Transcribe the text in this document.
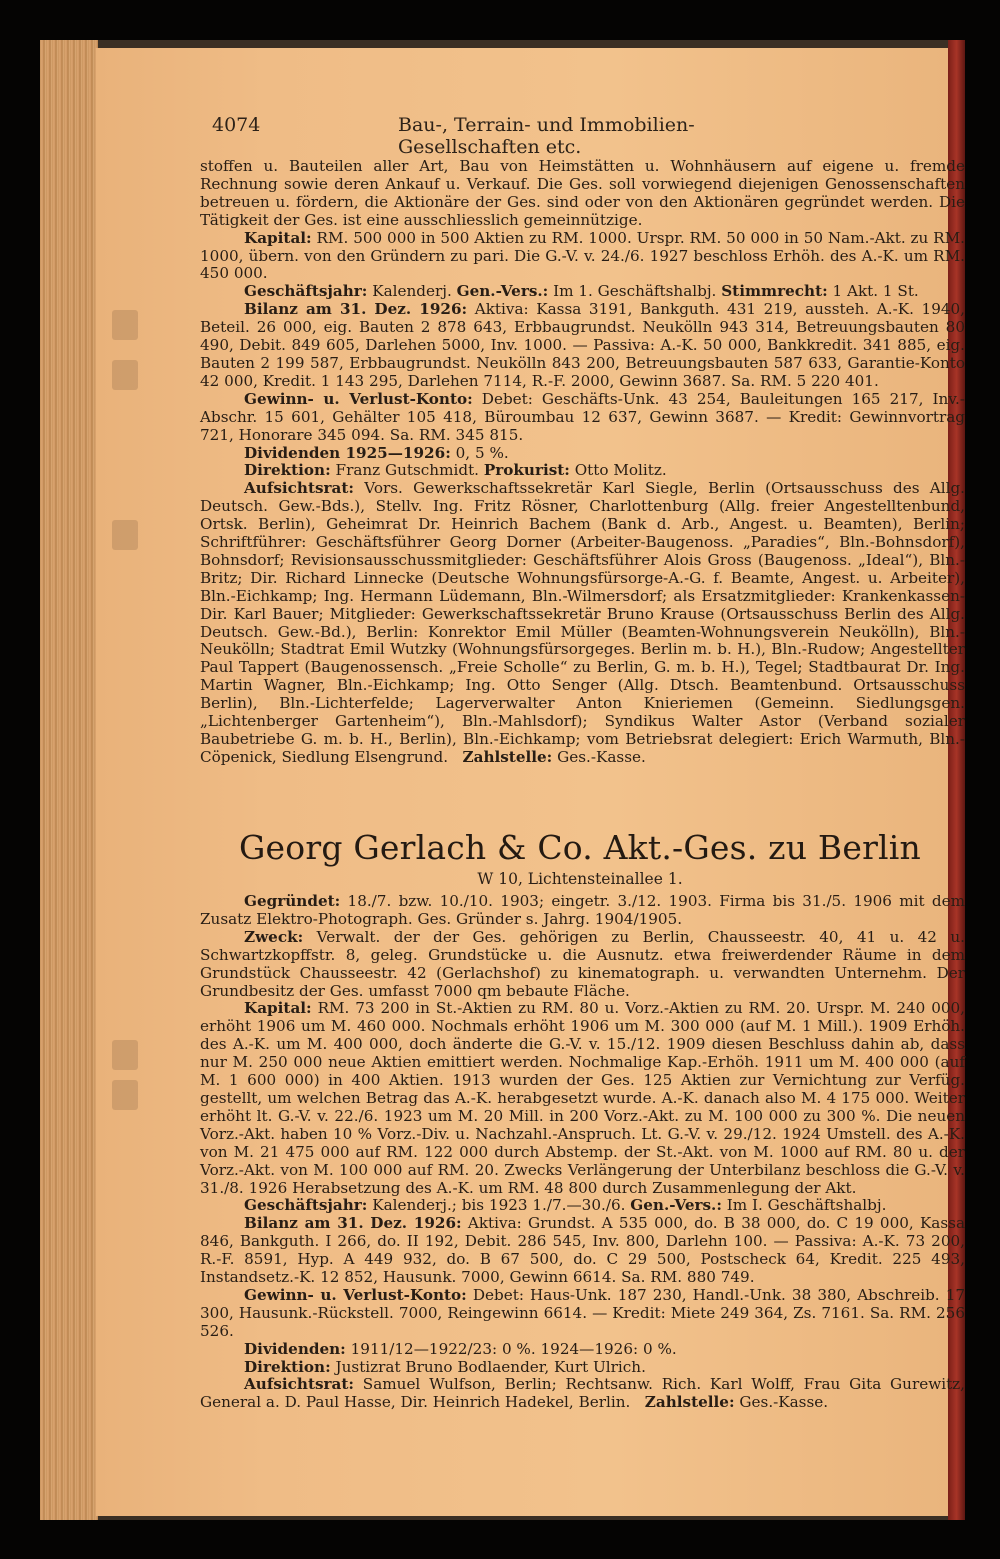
4074	Bau-, Terrain- und Immobilien-Gesellschaften etc.

stoffen u. Bauteilen aller Art, Bau von Heimstätten u. Wohnhäusern auf eigene u. fremde Rechnung sowie deren Ankauf u. Verkauf. Die Ges. soll vorwiegend diejenigen Genossenschaften betreuen u. fördern, die Aktionäre der Ges. sind oder von den Aktionären gegründet werden. Die Tätigkeit der Ges. ist eine ausschliesslich gemeinnützige.

Kapital: RM. 500 000 in 500 Aktien zu RM. 1000. Urspr. RM. 50 000 in 50 Nam.-Akt. zu RM. 1000, übern. von den Gründern zu pari. Die G.-V. v. 24./6. 1927 beschloss Erhöh. des A.-K. um RM. 450 000.

Geschäftsjahr: Kalenderj. Gen.-Vers.: Im 1. Geschäftshalbj. Stimmrecht: 1 Akt. 1 St.

Bilanz am 31. Dez. 1926: Aktiva: Kassa 3191, Bankguth. 431 219, aussteh. A.-K. 1940, Beteil. 26 000, eig. Bauten 2 878 643, Erbbaugrundst. Neukölln 943 314, Betreuungsbauten 80 490, Debit. 849 605, Darlehen 5000, Inv. 1000. — Passiva: A.-K. 50 000, Bankkredit. 341 885, eig. Bauten 2 199 587, Erbbaugrundst. Neukölln 843 200, Betreuungsbauten 587 633, Garantie-Konto 42 000, Kredit. 1 143 295, Darlehen 7114, R.-F. 2000, Gewinn 3687. Sa. RM. 5 220 401.

Gewinn- u. Verlust-Konto: Debet: Geschäfts-Unk. 43 254, Bauleitungen 165 217, Inv.-Abschr. 15 601, Gehälter 105 418, Büroumbau 12 637, Gewinn 3687. — Kredit: Gewinnvortrag 721, Honorare 345 094. Sa. RM. 345 815.

Dividenden 1925—1926: 0, 5 %.

Direktion: Franz Gutschmidt. Prokurist: Otto Molitz.

Aufsichtsrat: Vors. Gewerkschaftssekretär Karl Siegle, Berlin (Ortsausschuss des Allg. Deutsch. Gew.-Bds.), Stellv. Ing. Fritz Rösner, Charlottenburg (Allg. freier Angestelltenbund, Ortsk. Berlin), Geheimrat Dr. Heinrich Bachem (Bank d. Arb., Angest. u. Beamten), Berlin; Schriftführer: Geschäftsführer Georg Dorner (Arbeiter-Baugenoss. „Paradies“, Bln.-Bohnsdorf), Bohnsdorf; Revisionsausschussmitglieder: Geschäftsführer Alois Gross (Baugenoss. „Ideal“), Bln.-Britz; Dir. Richard Linnecke (Deutsche Wohnungsfürsorge-A.-G. f. Beamte, Angest. u. Arbeiter), Bln.-Eichkamp; Ing. Hermann Lüdemann, Bln.-Wilmersdorf; als Ersatzmitglieder: Krankenkassen-Dir. Karl Bauer; Mitglieder: Gewerkschaftssekretär Bruno Krause (Ortsausschuss Berlin des Allg. Deutsch. Gew.-Bd.), Berlin: Konrektor Emil Müller (Beamten-Wohnungsverein Neukölln), Bln.-Neukölln; Stadtrat Emil Wutzky (Wohnungsfürsorgeges. Berlin m. b. H.), Bln.-Rudow; Angestellter Paul Tappert (Baugenossensch. „Freie Scholle“ zu Berlin, G. m. b. H.), Tegel; Stadtbaurat Dr. Ing. Martin Wagner, Bln.-Eichkamp; Ing. Otto Senger (Allg. Dtsch. Beamtenbund. Ortsausschuss Berlin), Bln.-Lichterfelde; Lagerverwalter Anton Knieriemen (Gemeinn. Siedlungsgen. „Lichtenberger Gartenheim“), Bln.-Mahlsdorf); Syndikus Walter Astor (Verband sozialer Baubetriebe G. m. b. H., Berlin), Bln.-Eichkamp; vom Betriebsrat delegiert: Erich Warmuth, Bln.-Cöpenick, Siedlung Elsengrund. Zahlstelle: Ges.-Kasse.

Georg Gerlach & Co. Akt.-Ges. zu Berlin
W 10, Lichtensteinallee 1.

Gegründet: 18./7. bzw. 10./10. 1903; eingetr. 3./12. 1903. Firma bis 31./5. 1906 mit dem Zusatz Elektro-Photograph. Ges. Gründer s. Jahrg. 1904/1905.

Zweck: Verwalt. der der Ges. gehörigen zu Berlin, Chausseestr. 40, 41 u. 42 u. Schwartzkopffstr. 8, geleg. Grundstücke u. die Ausnutz. etwa freiwerdender Räume in dem Grundstück Chausseestr. 42 (Gerlachshof) zu kinematograph. u. verwandten Unternehm. Der Grundbesitz der Ges. umfasst 7000 qm bebaute Fläche.

Kapital: RM. 73 200 in St.-Aktien zu RM. 80 u. Vorz.-Aktien zu RM. 20. Urspr. M. 240 000, erhöht 1906 um M. 460 000. Nochmals erhöht 1906 um M. 300 000 (auf M. 1 Mill.). 1909 Erhöh. des A.-K. um M. 400 000, doch änderte die G.-V. v. 15./12. 1909 diesen Beschluss dahin ab, dass nur M. 250 000 neue Aktien emittiert werden. Nochmalige Kap.-Erhöh. 1911 um M. 400 000 (auf M. 1 600 000) in 400 Aktien. 1913 wurden der Ges. 125 Aktien zur Vernichtung zur Verfüg. gestellt, um welchen Betrag das A.-K. herabgesetzt wurde. A.-K. danach also M. 4 175 000. Weiter erhöht lt. G.-V. v. 22./6. 1923 um M. 20 Mill. in 200 Vorz.-Akt. zu M. 100 000 zu 300 %. Die neuen Vorz.-Akt. haben 10 % Vorz.-Div. u. Nachzahl.-Anspruch. Lt. G.-V. v. 29./12. 1924 Umstell. des A.-K. von M. 21 475 000 auf RM. 122 000 durch Abstemp. der St.-Akt. von M. 1000 auf RM. 80 u. der Vorz.-Akt. von M. 100 000 auf RM. 20. Zwecks Verlängerung der Unterbilanz beschloss die G.-V. v. 31./8. 1926 Herabsetzung des A.-K. um RM. 48 800 durch Zusammenlegung der Akt.

Geschäftsjahr: Kalenderj.; bis 1923 1./7.—30./6. Gen.-Vers.: Im I. Geschäftshalbj.

Bilanz am 31. Dez. 1926: Aktiva: Grundst. A 535 000, do. B 38 000, do. C 19 000, Kassa 846, Bankguth. I 266, do. II 192, Debit. 286 545, Inv. 800, Darlehn 100. — Passiva: A.-K. 73 200, R.-F. 8591, Hyp. A 449 932, do. B 67 500, do. C 29 500, Postscheck 64, Kredit. 225 493, Instandsetz.-K. 12 852, Hausunk. 7000, Gewinn 6614. Sa. RM. 880 749.

Gewinn- u. Verlust-Konto: Debet: Haus-Unk. 187 230, Handl.-Unk. 38 380, Abschreib. 17 300, Hausunk.-Rückstell. 7000, Reingewinn 6614. — Kredit: Miete 249 364, Zs. 7161. Sa. RM. 256 526.

Dividenden: 1911/12—1922/23: 0 %. 1924—1926: 0 %.

Direktion: Justizrat Bruno Bodlaender, Kurt Ulrich.

Aufsichtsrat: Samuel Wulfson, Berlin; Rechtsanw. Rich. Karl Wolff, Frau Gita Gurewitz, General a. D. Paul Hasse, Dir. Heinrich Hadekel, Berlin. Zahlstelle: Ges.-Kasse.
